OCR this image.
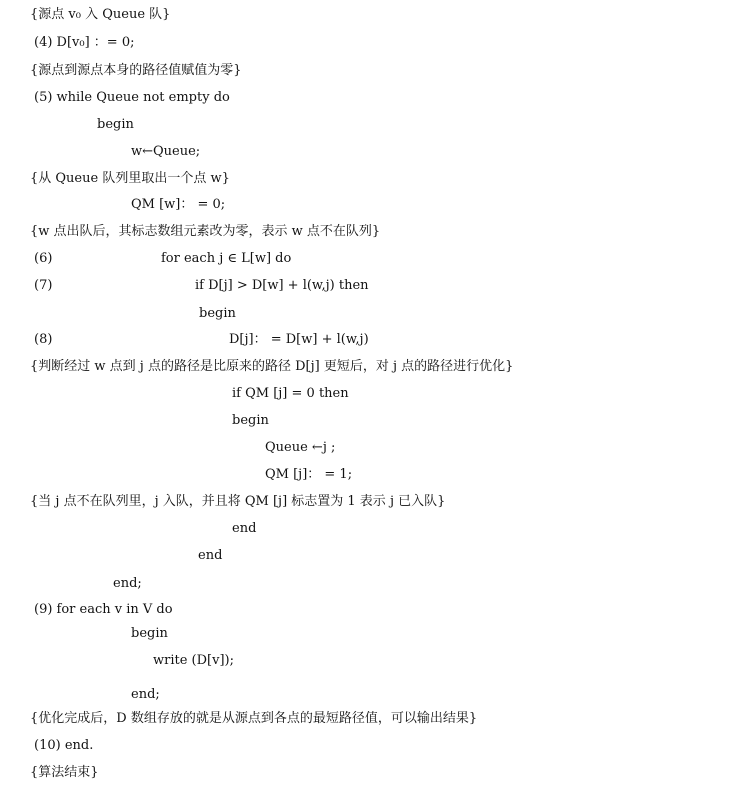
{源点 v₀ 入 Queue 队}
(4) D[v₀] ：= 0;
{源点到源点本身的路径值赋值为零}
(5) while Queue not empty do
begin
w←Queue;
{从 Queue 队列里取出一个点 w}
QM [w]： = 0;
{w 点出队后，其标志数组元素改为零，表示 w 点不在队列}
(6)	for each j ∈ L[w] do
(7)	if D[j] > D[w] + l(w,j) then
begin
(8)	D[j]： = D[w] + l(w,j)
{判断经过 w 点到 j 点的路径是比原来的路径 D[j] 更短后，对 j 点的路径进行优化}
if QM [j] = 0 then
begin
Queue ←j ;
QM [j]： = 1;
{当 j 点不在队列里，j 入队，并且将 QM [j] 标志置为 1 表示 j 已入队}
end
end
end;
(9) for each v in V do
begin
write (D[v]);
end;
{优化完成后，D 数组存放的就是从源点到各点的最短路径值，可以输出结果}
(10) end.
{算法结束}
